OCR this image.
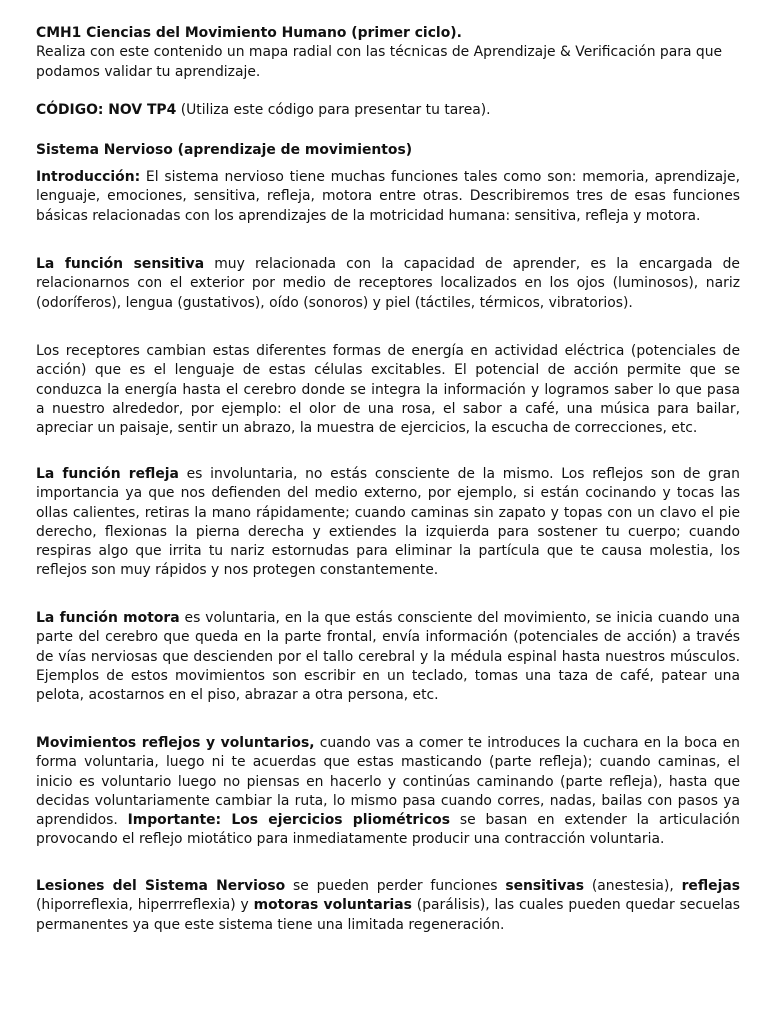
CMH1 Ciencias del Movimiento Humano (primer ciclo).
Realiza con este contenido un mapa radial con las técnicas de Aprendizaje & Verificación para que podamos validar tu aprendizaje.
CÓDIGO: NOV TP4 (Utiliza este código para presentar tu tarea).
Sistema Nervioso (aprendizaje de movimientos)
Introducción: El sistema nervioso tiene muchas funciones tales como son: memoria, aprendizaje, lenguaje, emociones, sensitiva, refleja, motora entre otras. Describiremos tres de esas funciones básicas relacionadas con los aprendizajes de la motricidad humana: sensitiva, refleja y motora.
La función sensitiva muy relacionada con la capacidad de aprender, es la encargada de relacionarnos con el exterior por medio de receptores localizados en los ojos (luminosos), nariz (odoríferos), lengua (gustativos), oído (sonoros) y piel (táctiles, térmicos, vibratorios).
Los receptores cambian estas diferentes formas de energía en actividad eléctrica (potenciales de acción) que es el lenguaje de estas células excitables. El potencial de acción permite que se conduzca la energía hasta el cerebro donde se integra la información y logramos saber lo que pasa a nuestro alrededor, por ejemplo: el olor de una rosa, el sabor a café, una música para bailar, apreciar un paisaje, sentir un abrazo, la muestra de ejercicios, la escucha de correcciones, etc.
La función refleja es involuntaria, no estás consciente de la mismo. Los reflejos son de gran importancia ya que nos defienden del medio externo, por ejemplo, si están cocinando y tocas las ollas calientes, retiras la mano rápidamente; cuando caminas sin zapato y topas con un clavo el pie derecho, flexionas la pierna derecha y extiendes la izquierda para sostener tu cuerpo; cuando respiras algo que irrita tu nariz estornudas para eliminar la partícula que te causa molestia, los reflejos son muy rápidos y nos protegen constantemente.
La función motora es voluntaria, en la que estás consciente del movimiento, se inicia cuando una parte del cerebro que queda en la parte frontal, envía información (potenciales de acción) a través de vías nerviosas que descienden por el tallo cerebral y la médula espinal hasta nuestros músculos. Ejemplos de estos movimientos son escribir en un teclado, tomas una taza de café, patear una pelota, acostarnos en el piso, abrazar a otra persona, etc.
Movimientos reflejos y voluntarios, cuando vas a comer te introduces la cuchara en la boca en forma voluntaria, luego ni te acuerdas que estas masticando (parte refleja); cuando caminas, el inicio es voluntario luego no piensas en hacerlo y continúas caminando (parte refleja), hasta que decidas voluntariamente cambiar la ruta, lo mismo pasa cuando corres, nadas, bailas con pasos ya aprendidos. Importante: Los ejercicios pliométricos se basan en extender la articulación provocando el reflejo miotático para inmediatamente producir una contracción voluntaria.
Lesiones del Sistema Nervioso se pueden perder funciones sensitivas (anestesia), reflejas (hiporreflexia, hiperrreflexia) y motoras voluntarias (parálisis), las cuales pueden quedar secuelas permanentes ya que este sistema tiene una limitada regeneración.
